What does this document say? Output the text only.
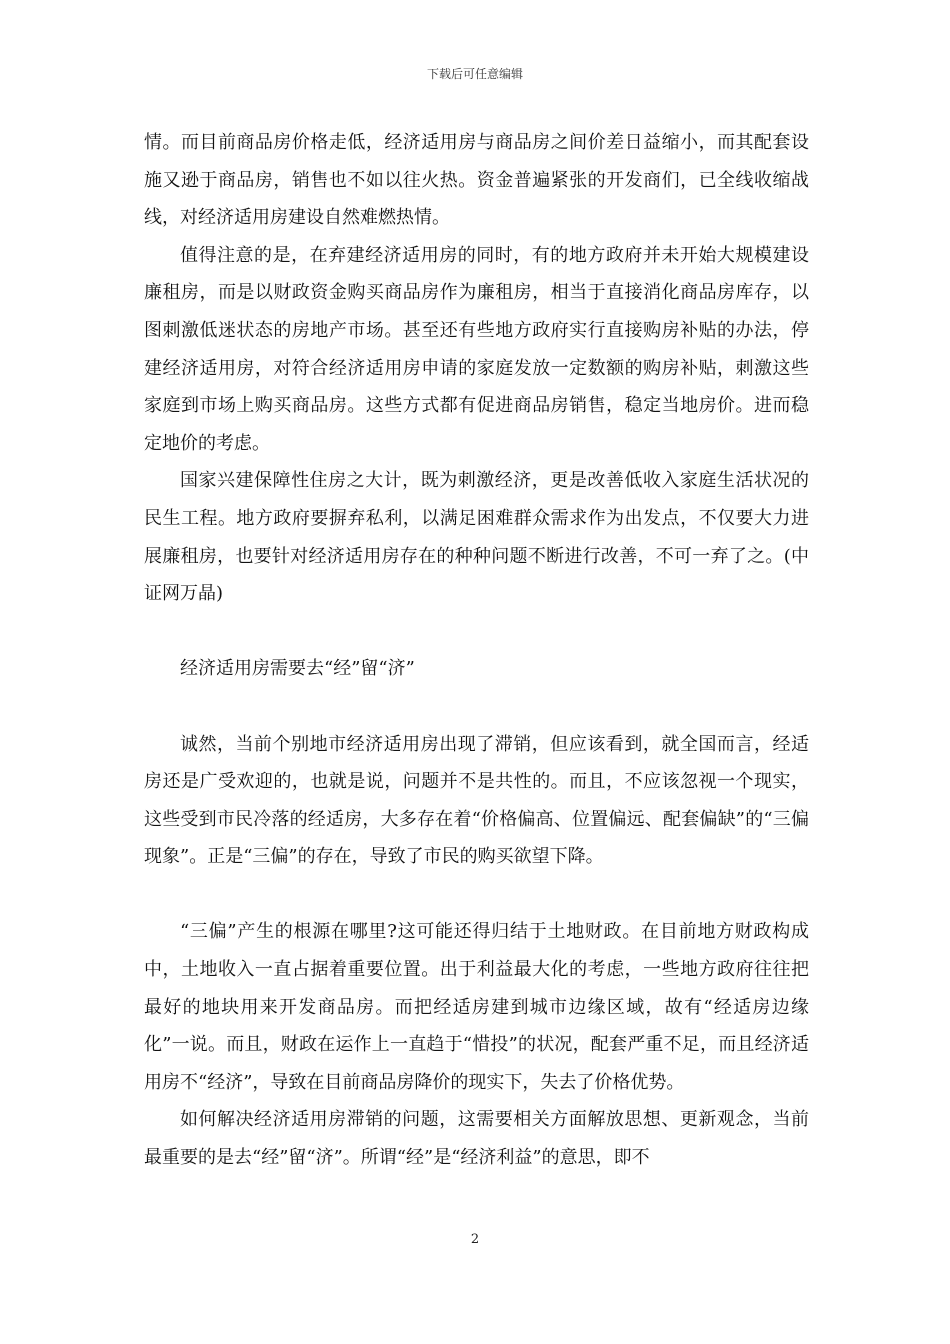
下载后可任意编辑

情。而目前商品房价格走低，经济适用房与商品房之间价差日益缩小，而其配套设施又逊于商品房，销售也不如以往火热。资金普遍紧张的开发商们，已全线收缩战线，对经济适用房建设自然难燃热情。

值得注意的是，在弃建经济适用房的同时，有的地方政府并未开始大规模建设廉租房，而是以财政资金购买商品房作为廉租房，相当于直接消化商品房库存，以图刺激低迷状态的房地产市场。甚至还有些地方政府实行直接购房补贴的办法，停建经济适用房，对符合经济适用房申请的家庭发放一定数额的购房补贴，刺激这些家庭到市场上购买商品房。这些方式都有促进商品房销售，稳定当地房价。进而稳定地价的考虑。

国家兴建保障性住房之大计，既为刺激经济，更是改善低收入家庭生活状况的民生工程。地方政府要摒弃私利，以满足困难群众需求作为出发点，不仅要大力进展廉租房，也要针对经济适用房存在的种种问题不断进行改善，不可一弃了之。(中证网万晶)

经济适用房需要去“经”留“济”

诚然，当前个别地市经济适用房出现了滞销，但应该看到，就全国而言，经适房还是广受欢迎的，也就是说，问题并不是共性的。而且，不应该忽视一个现实，这些受到市民冷落的经适房，大多存在着“价格偏高、位置偏远、配套偏缺”的“三偏现象”。正是“三偏”的存在，导致了市民的购买欲望下降。

“三偏”产生的根源在哪里?这可能还得归结于土地财政。在目前地方财政构成中，土地收入一直占据着重要位置。出于利益最大化的考虑，一些地方政府往往把最好的地块用来开发商品房。而把经适房建到城市边缘区域，故有“经适房边缘化”一说。而且，财政在运作上一直趋于“惜投”的状况，配套严重不足，而且经济适用房不“经济”，导致在目前商品房降价的现实下，失去了价格优势。

如何解决经济适用房滞销的问题，这需要相关方面解放思想、更新观念，当前最重要的是去“经”留“济”。所谓“经”是“经济利益”的意思，即不

2
